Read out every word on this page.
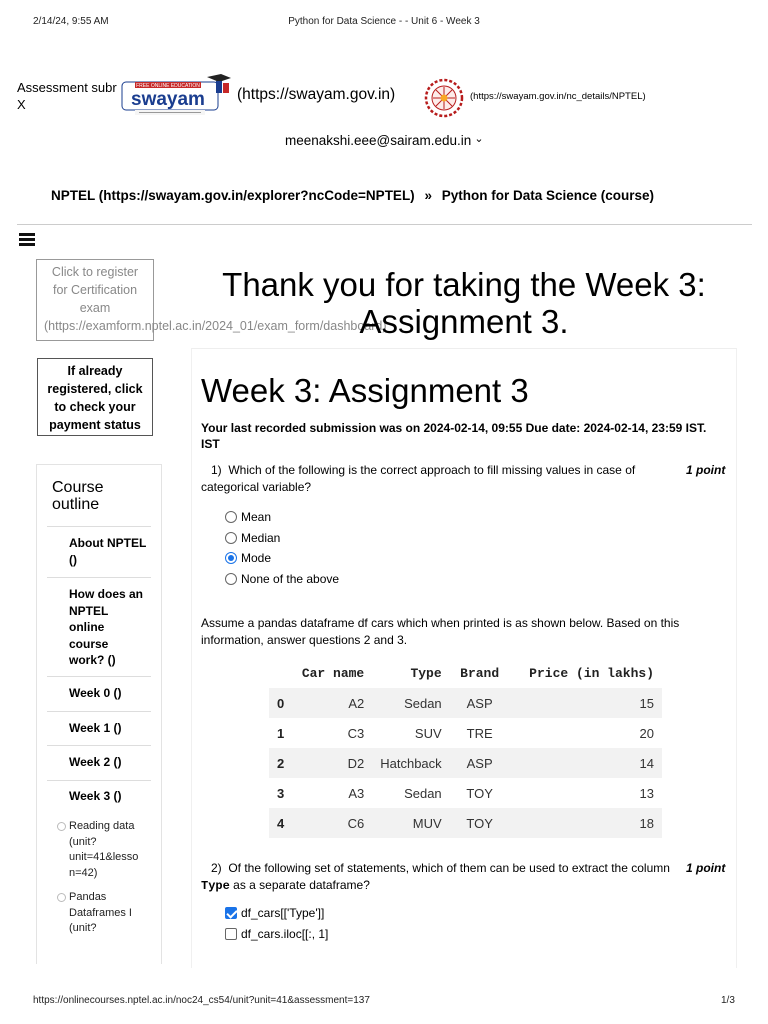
2/14/24, 9:55 AM	Python for Data Science - - Unit 6 - Week 3
Assessment subr
X
FREE ONLINE EDUCATION
swayam (https://swayam.gov.in)	(https://swayam.gov.in/nc_details/NPTEL)
meenakshi.eee@sairam.edu.in ⌄
NPTEL (https://swayam.gov.in/explorer?ncCode=NPTEL) » Python for Data Science (course)
Click to register
for Certification
exam
(https://examform.nptel.ac.in/2024_01/exam_form/dashboard)
If already
registered, click
to check your
payment status
Course
outline
About NPTEL
()
How does an
NPTEL
online
course
work? ()
Week 0 ()
Week 1 ()
Week 2 ()
Week 3 ()
Reading data
(unit?
unit=41&lesso
n=42)
Pandas
Dataframes I
(unit?
Thank you for taking the Week 3:
Assignment 3.
Week 3: Assignment 3
Your last recorded submission was on 2024-02-14, 09:55 Due date: 2024-02-14, 23:59 IST.
IST
1) Which of the following is the correct approach to fill missing values in case of
categorical variable?
1 point
Mean
Median
Mode
None of the above
Assume a pandas dataframe df cars which when printed is as shown below. Based on this
information, answer questions 2 and 3.
	Car name	Type	Brand	Price (in lakhs)
0	A2	Sedan	ASP	15
1	C3	SUV	TRE	20
2	D2	Hatchback	ASP	14
3	A3	Sedan	TOY	13
4	C6	MUV	TOY	18
2) Of the following set of statements, which of them can be used to extract the column
Type as a separate dataframe?
1 point
df_cars[['Type']]
df_cars.iloc[[:, 1]
https://onlinecourses.nptel.ac.in/noc24_cs54/unit?unit=41&assessment=137	1/3
